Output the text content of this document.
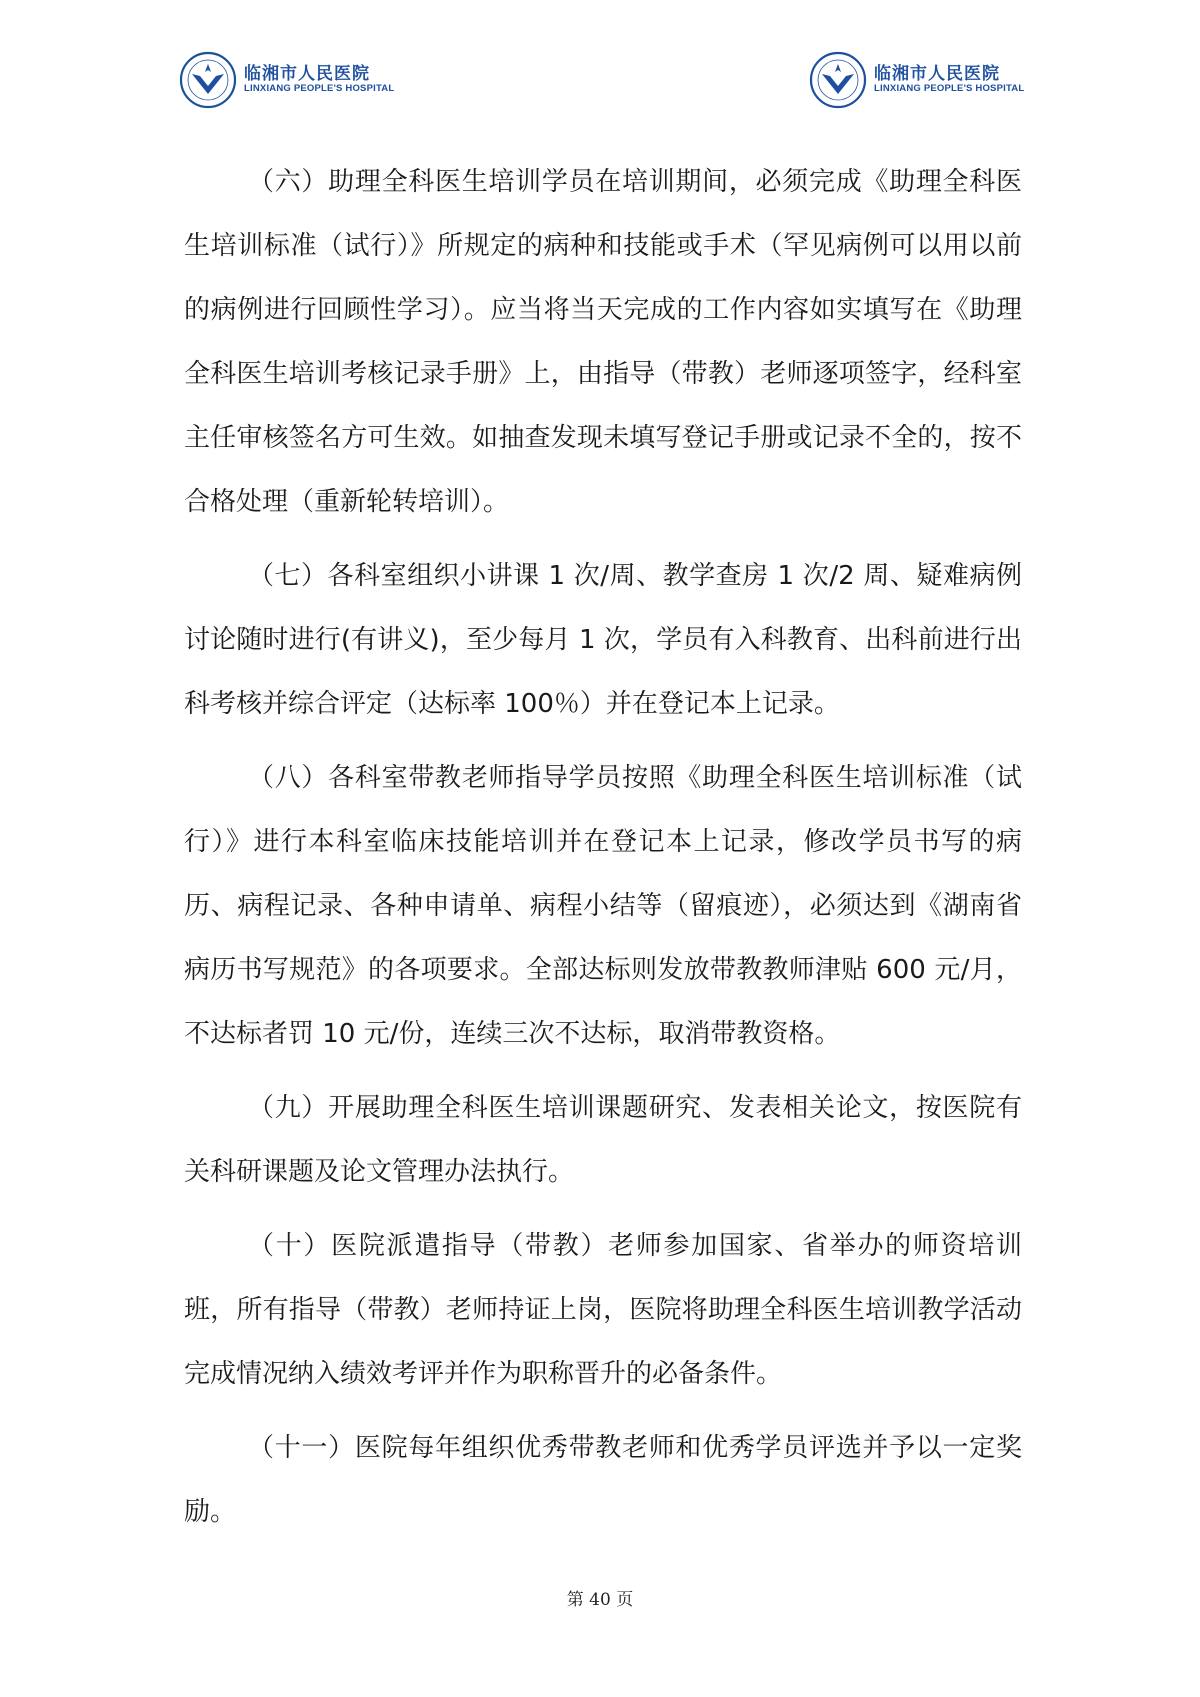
临湘市人民医院
LINXIANG PEOPLE'S HOSPITAL
临湘市人民医院
LINXIANG PEOPLE'S HOSPITAL

（六）助理全科医生培训学员在培训期间，必须完成《助理全科医生培训标准（试行）》所规定的病种和技能或手术（罕见病例可以用以前的病例进行回顾性学习）。应当将当天完成的工作内容如实填写在《助理全科医生培训考核记录手册》上，由指导（带教）老师逐项签字，经科室主任审核签名方可生效。如抽查发现未填写登记手册或记录不全的，按不合格处理（重新轮转培训）。

（七）各科室组织小讲课 1 次/周、教学查房 1 次/2 周、疑难病例讨论随时进行(有讲义)，至少每月 1 次，学员有入科教育、出科前进行出科考核并综合评定（达标率 100％）并在登记本上记录。

（八）各科室带教老师指导学员按照《助理全科医生培训标准（试行）》进行本科室临床技能培训并在登记本上记录，修改学员书写的病历、病程记录、各种申请单、病程小结等（留痕迹），必须达到《湖南省病历书写规范》的各项要求。全部达标则发放带教教师津贴 600 元/月，不达标者罚 10 元/份，连续三次不达标，取消带教资格。

（九）开展助理全科医生培训课题研究、发表相关论文，按医院有关科研课题及论文管理办法执行。

（十）医院派遣指导（带教）老师参加国家、省举办的师资培训班，所有指导（带教）老师持证上岗，医院将助理全科医生培训教学活动完成情况纳入绩效考评并作为职称晋升的必备条件。

（十一）医院每年组织优秀带教老师和优秀学员评选并予以一定奖励。

第 40 页
